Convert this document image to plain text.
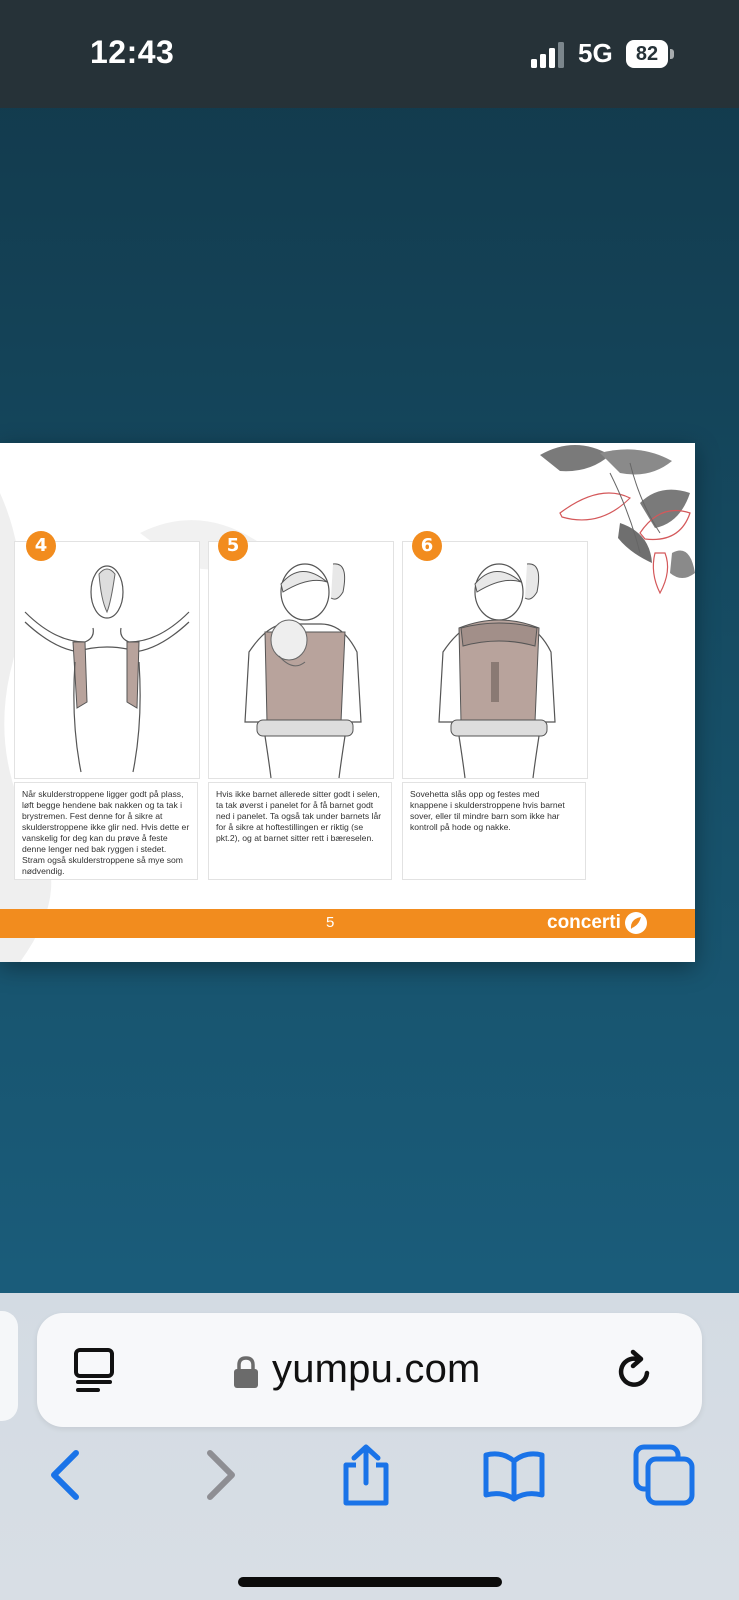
12:43	5G	82
4	5	6
Når skulderstroppene ligger godt på plass, løft begge hendene bak nakken og ta tak i brystremen. Fest denne for å sikre at skulderstroppene ikke glir ned. Hvis dette er vanskelig for deg kan du prøve å feste denne lenger ned bak ryggen i stedet. Stram også skulderstroppene så mye som nødvendig.
Hvis ikke barnet allerede sitter godt i selen, ta tak øverst i panelet for å få barnet godt ned i panelet. Ta også tak under barnets lår for å sikre at hoftestillingen er riktig (se pkt.2), og at barnet sitter rett i bæreselen.
Sovehetta slås opp og festes med knappene i skulderstroppene hvis barnet sover, eller til mindre barn som ikke har kontroll på hode og nakke.
5	concerti
yumpu.com
